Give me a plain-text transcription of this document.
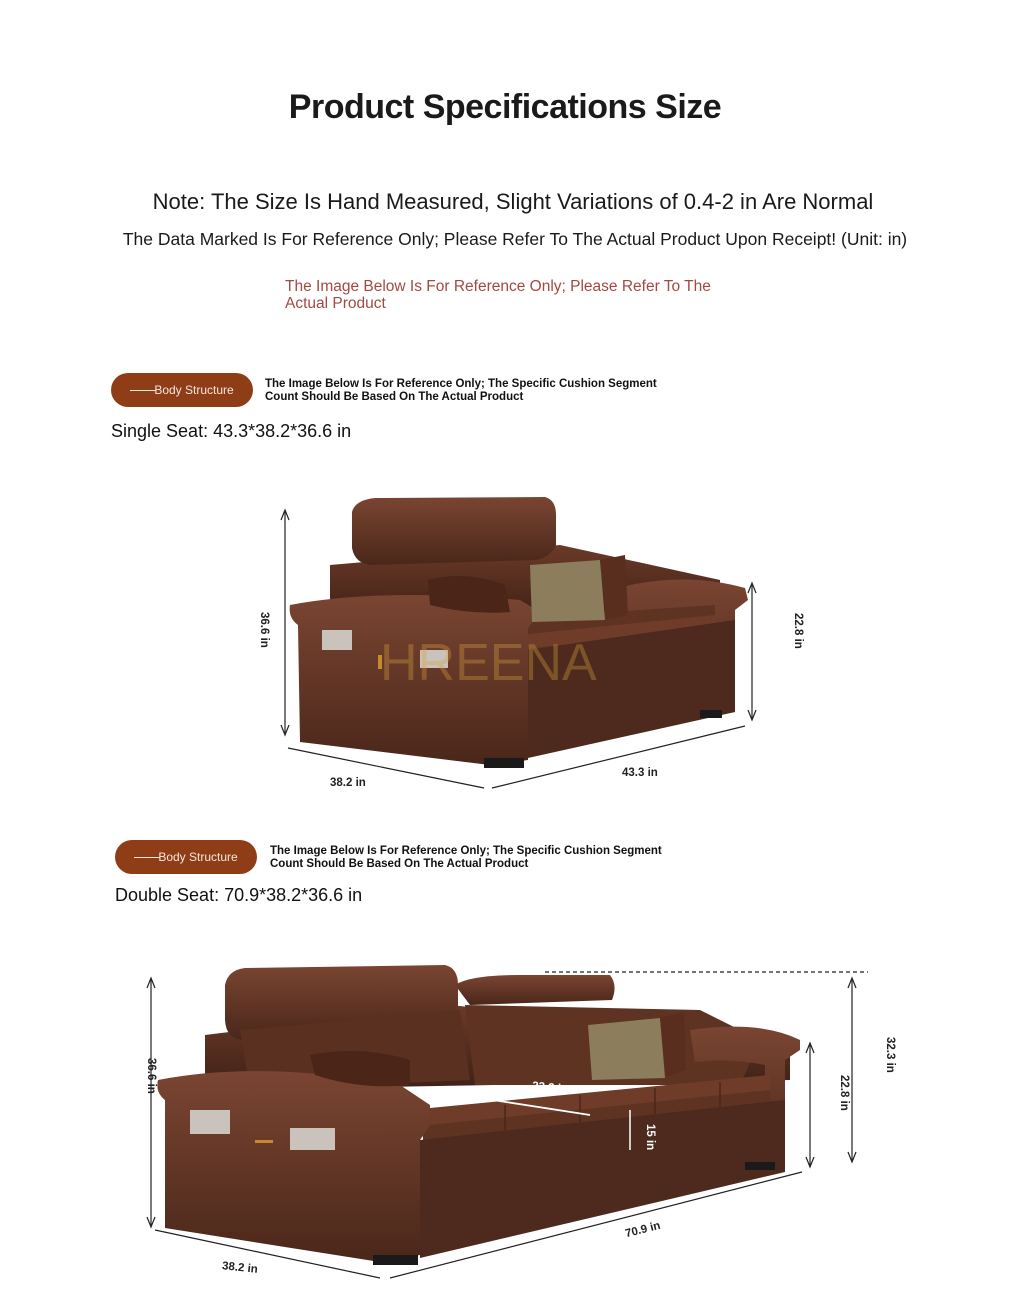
Product Specifications Size
Note: The Size Is Hand Measured, Slight Variations of 0.4-2 in Are Normal
The Data Marked Is For Reference Only; Please Refer To The Actual Product Upon Receipt! (Unit: in)
The Image Below Is For Reference Only; Please Refer To The
Actual Product
Body Structure	The Image Below Is For Reference Only; The Specific Cushion Segment
Count Should Be Based On The Actual Product
Single Seat: 43.3*38.2*36.6 in
HREENA
36.6 in	22.8 in
38.2 in
43.3 in
Body Structure	The Image Below Is For Reference Only; The Specific Cushion Segment
Count Should Be Based On The Actual Product
Double Seat: 70.9*38.2*36.6 in
36.6 in
32.3 in
22.8 in
23.2 in
15 in
38.2 in
70.9 in
